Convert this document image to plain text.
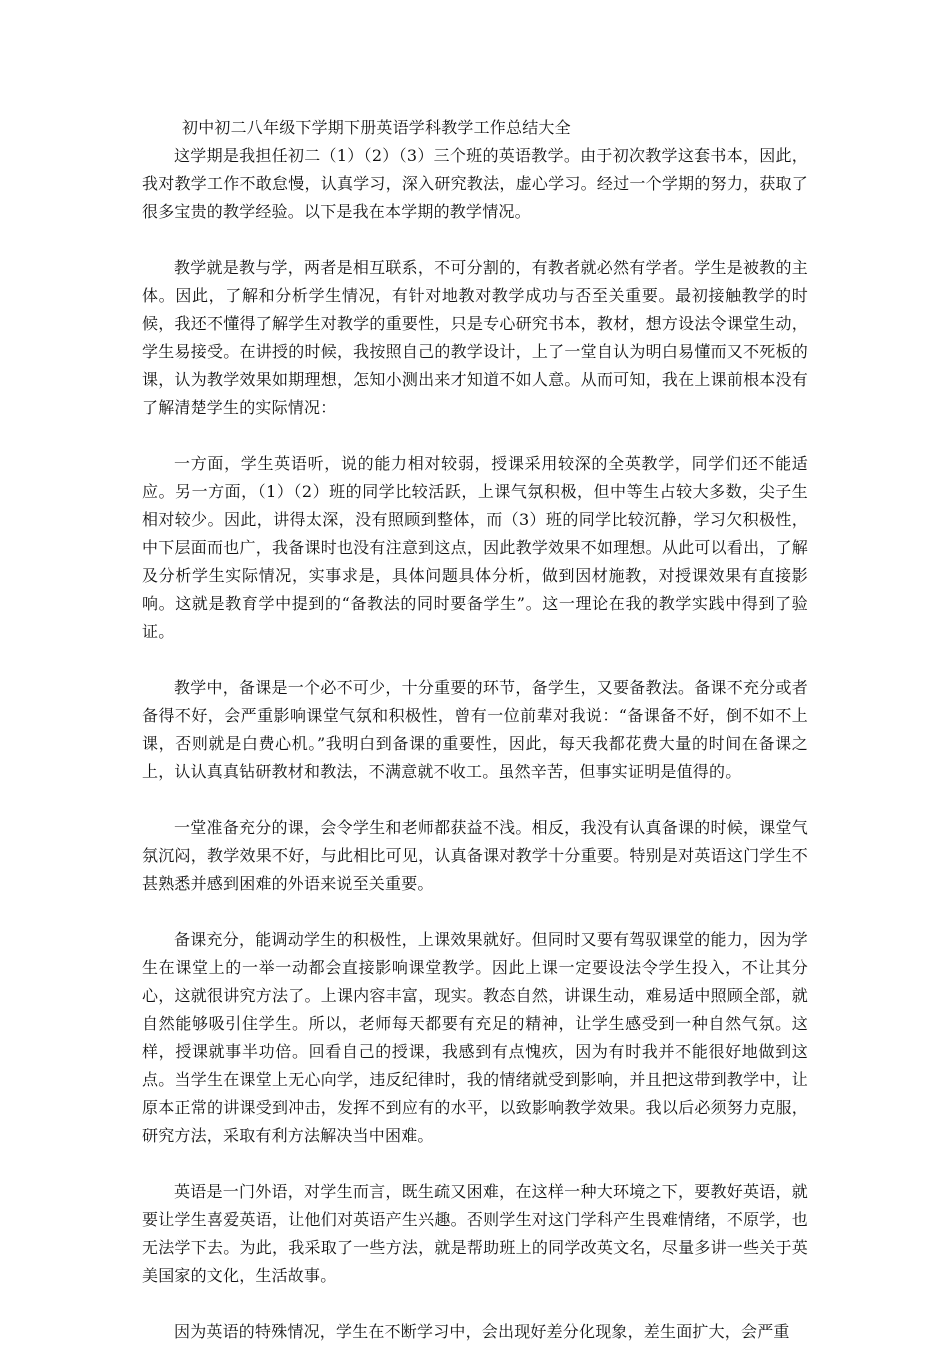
初中初二八年级下学期下册英语学科教学工作总结大全

这学期是我担任初二（1）（2）（3）三个班的英语教学。由于初次教学这套书本，因此，我对教学工作不敢怠慢，认真学习，深入研究教法，虚心学习。经过一个学期的努力，获取了很多宝贵的教学经验。以下是我在本学期的教学情况。

教学就是教与学，两者是相互联系，不可分割的，有教者就必然有学者。学生是被教的主体。因此，了解和分析学生情况，有针对地教对教学成功与否至关重要。最初接触教学的时候，我还不懂得了解学生对教学的重要性，只是专心研究书本，教材，想方设法令课堂生动，学生易接受。在讲授的时候，我按照自己的教学设计，上了一堂自认为明白易懂而又不死板的课，认为教学效果如期理想，怎知小测出来才知道不如人意。从而可知，我在上课前根本没有了解清楚学生的实际情况：

一方面，学生英语听，说的能力相对较弱，授课采用较深的全英教学，同学们还不能适应。另一方面，（1）（2）班的同学比较活跃，上课气氛积极，但中等生占较大多数，尖子生相对较少。因此，讲得太深，没有照顾到整体，而（3）班的同学比较沉静，学习欠积极性，中下层面而也广，我备课时也没有注意到这点，因此教学效果不如理想。从此可以看出，了解及分析学生实际情况，实事求是，具体问题具体分析，做到因材施教，对授课效果有直接影响。这就是教育学中提到的“备教法的同时要备学生”。这一理论在我的教学实践中得到了验证。

教学中，备课是一个必不可少，十分重要的环节，备学生，又要备教法。备课不充分或者备得不好，会严重影响课堂气氛和积极性，曾有一位前辈对我说：“备课备不好，倒不如不上课，否则就是白费心机。”我明白到备课的重要性，因此，每天我都花费大量的时间在备课之上，认认真真钻研教材和教法，不满意就不收工。虽然辛苦，但事实证明是值得的。

一堂准备充分的课，会令学生和老师都获益不浅。相反，我没有认真备课的时候，课堂气氛沉闷，教学效果不好，与此相比可见，认真备课对教学十分重要。特别是对英语这门学生不甚熟悉并感到困难的外语来说至关重要。

备课充分，能调动学生的积极性，上课效果就好。但同时又要有驾驭课堂的能力，因为学生在课堂上的一举一动都会直接影响课堂教学。因此上课一定要设法令学生投入，不让其分心，这就很讲究方法了。上课内容丰富，现实。教态自然，讲课生动，难易适中照顾全部，就自然能够吸引住学生。所以，老师每天都要有充足的精神，让学生感受到一种自然气氛。这样，授课就事半功倍。回看自己的授课，我感到有点愧疚，因为有时我并不能很好地做到这点。当学生在课堂上无心向学，违反纪律时，我的情绪就受到影响，并且把这带到教学中，让原本正常的讲课受到冲击，发挥不到应有的水平，以致影响教学效果。我以后必须努力克服，研究方法，采取有利方法解决当中困难。

英语是一门外语，对学生而言，既生疏又困难，在这样一种大环境之下，要教好英语，就要让学生喜爱英语，让他们对英语产生兴趣。否则学生对这门学科产生畏难情绪，不原学，也无法学下去。为此，我采取了一些方法，就是帮助班上的同学改英文名，尽量多讲一些关于英美国家的文化，生活故事。

因为英语的特殊情况，学生在不断学习中，会出现好差分化现象，差生面扩大，会严重
